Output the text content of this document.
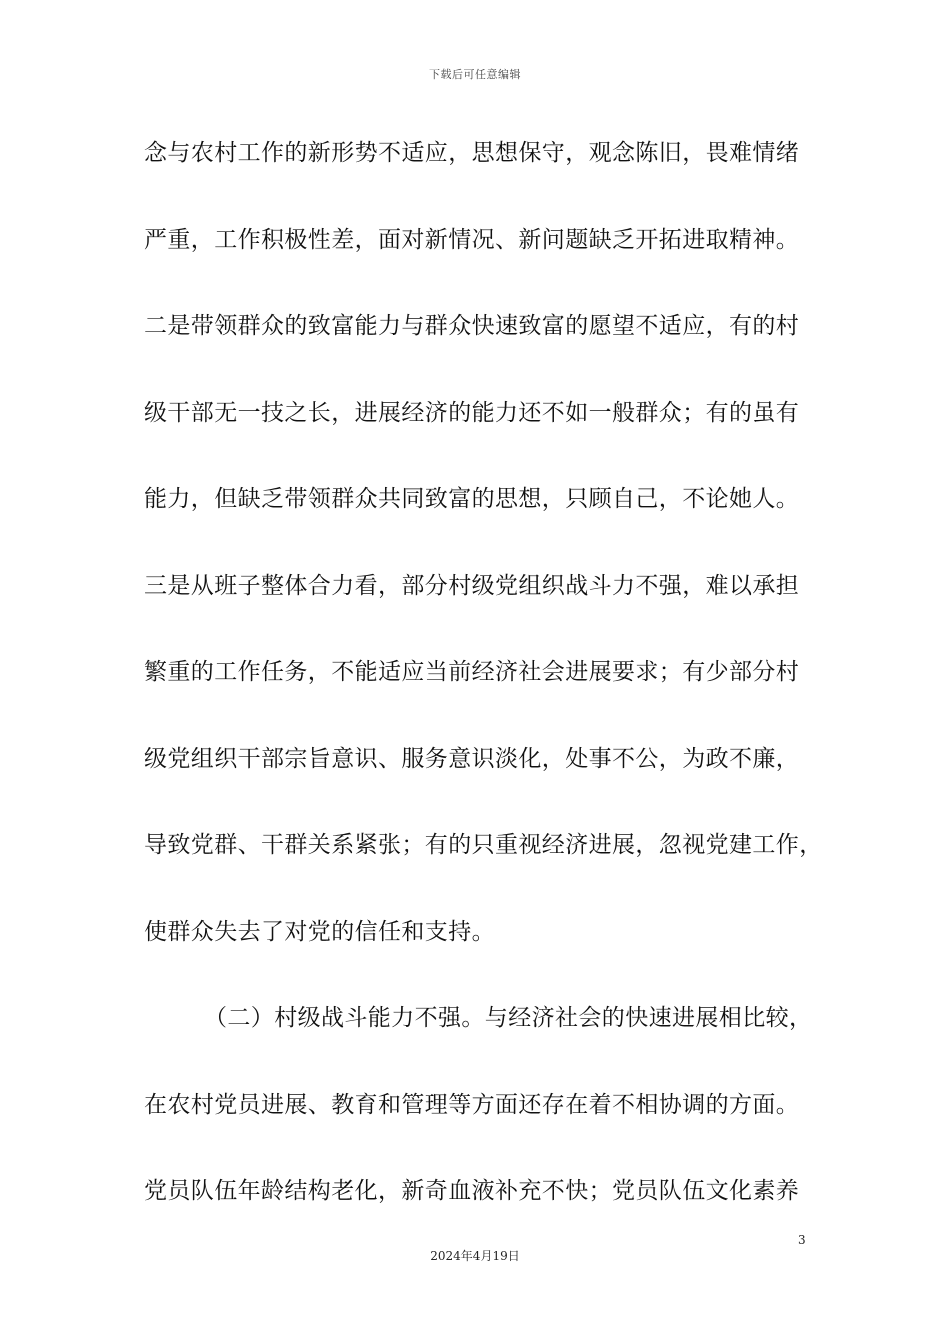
下载后可任意编辑
念与农村工作的新形势不适应，思想保守，观念陈旧，畏难情绪
严重，工作积极性差，面对新情况、新问题缺乏开拓进取精神。
二是带领群众的致富能力与群众快速致富的愿望不适应，有的村
级干部无一技之长，进展经济的能力还不如一般群众；有的虽有
能力，但缺乏带领群众共同致富的思想，只顾自己，不论她人。
三是从班子整体合力看，部分村级党组织战斗力不强，难以承担
繁重的工作任务，不能适应当前经济社会进展要求；有少部分村
级党组织干部宗旨意识、服务意识淡化，处事不公，为政不廉，
导致党群、干群关系紧张；有的只重视经济进展，忽视党建工作，
使群众失去了对党的信任和支持。
（二）村级战斗能力不强。与经济社会的快速进展相比较，
在农村党员进展、教育和管理等方面还存在着不相协调的方面。
党员队伍年龄结构老化，新奇血液补充不快；党员队伍文化素养
3
2024年4月19日
